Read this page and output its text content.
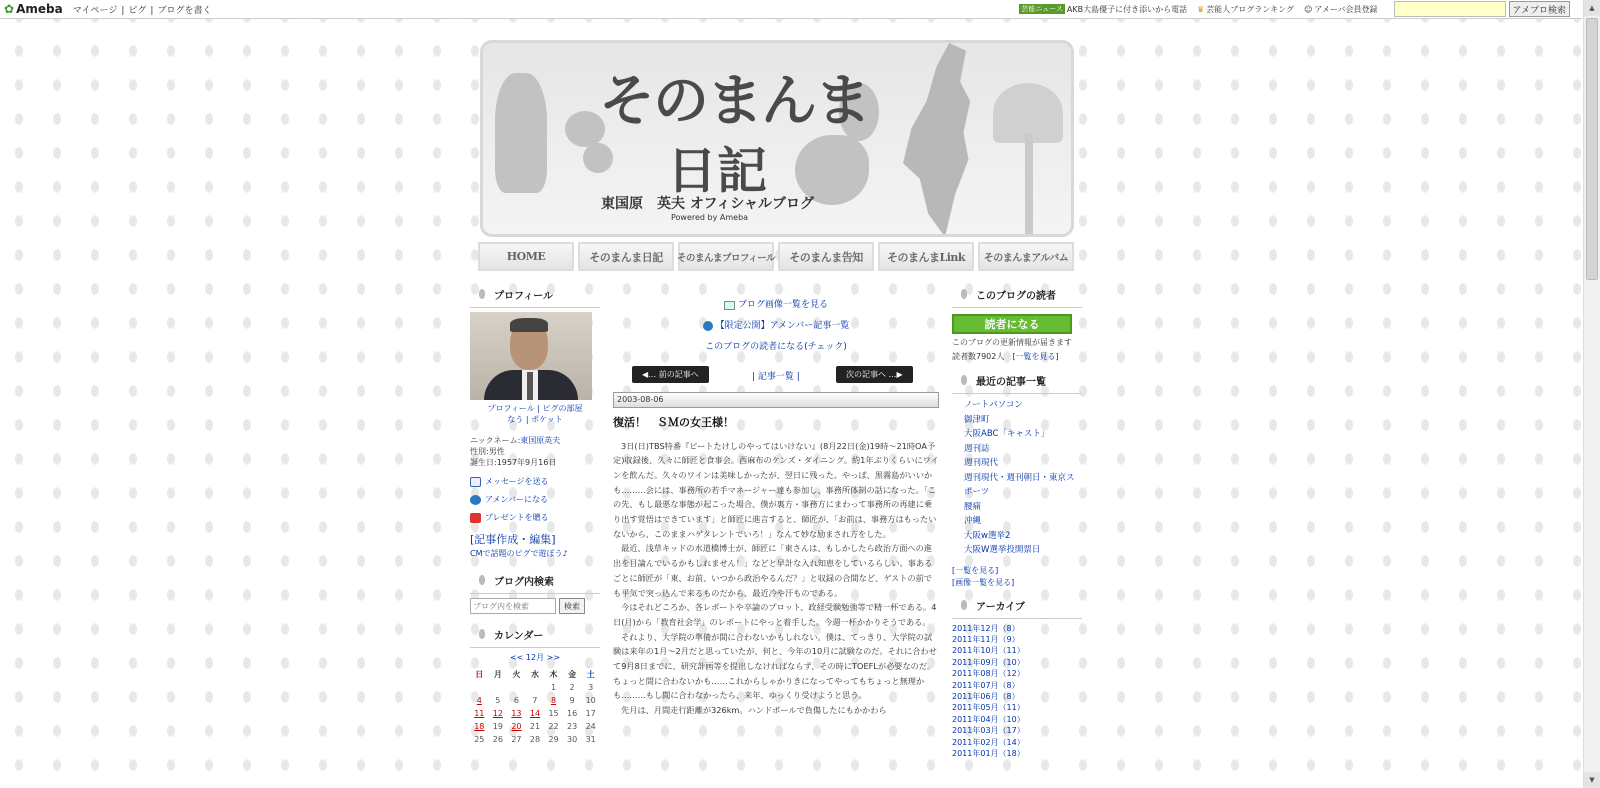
✿ Ameba マイページ | ピグ | ブログを書く	芸能ニュース AKB大島優子に付き添いから電話 ♛ 芸能人ブログランキング ☺ アメーバ会員登録	アメブロ検索	▲
▼
そのまんま
日記
東国原　英夫 オフィシャルブログ
Powered by Ameba
HOME	そのまんま日記	そのまんまプロフィール	そのまんま告知	そのまんまLink	そのまんまアルバム
プロフィール
プロフィール | ピグの部屋
なう | ポケット
ニックネーム:東国原英夫
性別:男性
誕生日:1957年9月16日
メッセージを送る
アメンバーになる
プレゼントを贈る
[記事作成・編集]
CMで話題のピグで遊ぼう♪
ブログ内検索
ブログ内を検索
検索
カレンダー
<< 12月 >>
日	月	火	水	木	金	土
				1	2	3
4	5	6	7	8	9	10
11	12	13	14	15	16	17
18	19	20	21	22	23	24
25	26	27	28	29	30	31
ブログ画像一覧を見る

【限定公開】アメンバー記事一覧

このブログの読者になる(チェック)
◀… 前の記事へ	| 記事一覧 |	次の記事へ …▶
2003-08-06
復活！　ＳＭの女王様！

3日(日)TBS特番『ビートたけしのやってはいけない』(8月22日(金)19時〜21時OA予定)収録後、久々に師匠と食事会。西麻布のケンズ・ダイニング。約1年ぶりくらいにワインを飲んだ。久々のワインは美味しかったが、翌日に残った。やっぱ、黒霧島がいいかも………会には、事務所の若手マネージャー達も参加し、事務所体制の話になった。「この先、もし最悪な事態が起こった場合、僕が裏方・事務方にまわって事務所の再建に乗り出す覚悟はできています」と師匠に進言すると、師匠が、「お前は、事務方はもったいないから、このままハゲタレントでいろ！」なんて妙な励まされ方をした。

最近、浅草キッドの水道橋博士が、師匠に「東さんは、もしかしたら政治方面への進出を目論んでいるかもしれません！」などと早計な入れ知恵をしているらしい。事あるごとに師匠が「東、お前、いつから政治やるんだ？」と収録の合間など、ゲストの前でも平気で突っ込んで来るものだから、最近冷や汗ものである。

今はそれどころか、各レポートや卒論のプロット、政経受験勉強等で精一杯である。4日(月)から「教育社会学」のレポートにやっと着手した。今週一杯かかりそうである。

それより、大学院の準備が間に合わないかもしれない。僕は、てっきり、大学院の試験は来年の1月〜2月だと思っていたが、何と、今年の10月に試験なのだ。それに合わせて9月8日までに、研究計画等を提出しなければならず、その時にTOEFLが必要なのだ。ちょっと間に合わないかも……これからしゃかりきになってやってもちょっと無理かも………もし間に合わなかったら、来年、ゆっくり受けようと思う。

先月は、月間走行距離が326km。ハンドボールで負傷したにもかかわら

このブログの読者
読者になる
このブログの更新情報が届きます
読者数7902人　 [一覧を見る]
最近の記事一覧
ノートパソコン
御津町
大阪ABC「キャスト」
週刊誌
週刊現代
週刊現代・週刊朝日・東京スポーツ
腰痛
沖縄
大阪w選挙2
大阪W選挙投開票日
[一覧を見る]
[画像一覧を見る]
アーカイブ
2011年12月（8）
2011年11月（9）
2011年10月（11）
2011年09月（10）
2011年08月（12）
2011年07月（8）
2011年06月（8）
2011年05月（11）
2011年04月（10）
2011年03月（17）
2011年02月（14）
2011年01月（18）
